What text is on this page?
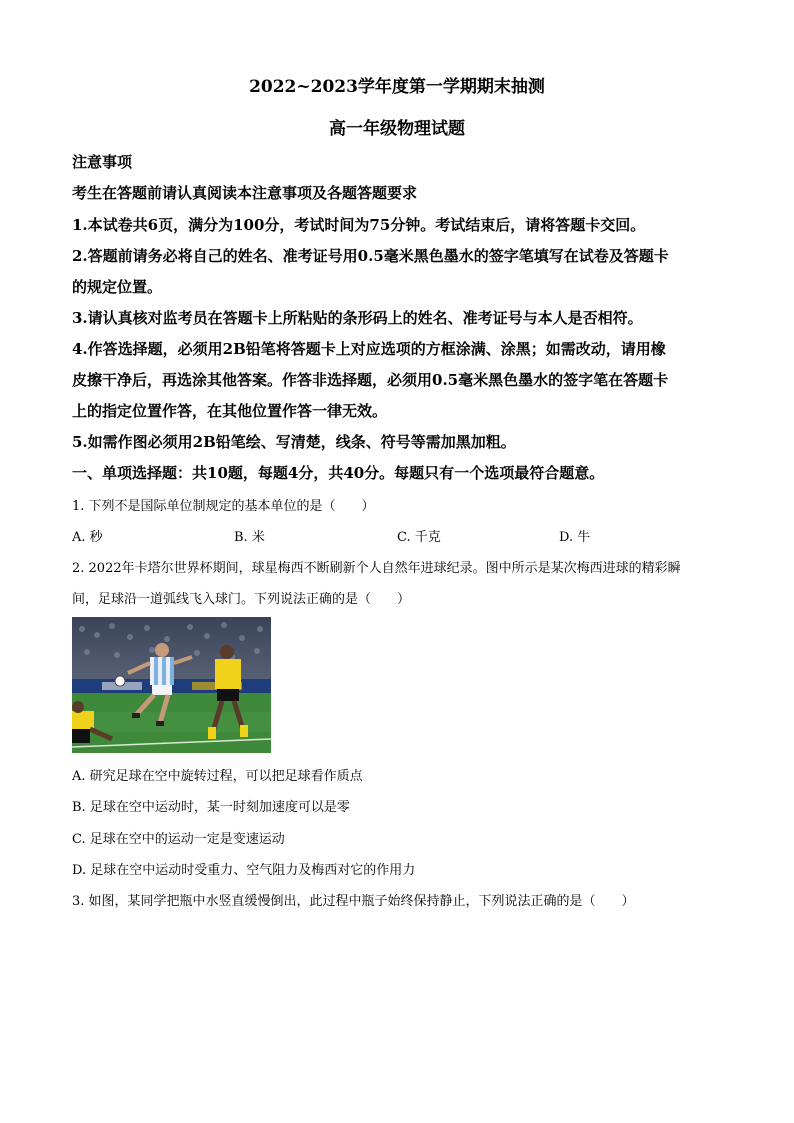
2022~2023学年度第一学期期末抽测
高一年级物理试题
注意事项
考生在答题前请认真阅读本注意事项及各题答题要求
1.本试卷共6页，满分为100分，考试时间为75分钟。考试结束后，请将答题卡交回。
2.答题前请务必将自己的姓名、准考证号用0.5毫米黑色墨水的签字笔填写在试卷及答题卡
的规定位置。
3.请认真核对监考员在答题卡上所粘贴的条形码上的姓名、准考证号与本人是否相符。
4.作答选择题，必须用2B铅笔将答题卡上对应选项的方框涂满、涂黑；如需改动，请用橡
皮擦干净后，再选涂其他答案。作答非选择题，必须用0.5毫米黑色墨水的签字笔在答题卡
上的指定位置作答，在其他位置作答一律无效。
5.如需作图必须用2B铅笔绘、写清楚，线条、符号等需加黑加粗。
一、单项选择题：共10题，每题4分，共40分。每题只有一个选项最符合题意。
1. 下列不是国际单位制规定的基本单位的是（　　）
A. 秒	B. 米	C. 千克	D. 牛
2. 2022年卡塔尔世界杯期间，球星梅西不断刷新个人自然年进球纪录。图中所示是某次梅西进球的精彩瞬
间，足球沿一道弧线飞入球门。下列说法正确的是（　　）
A. 研究足球在空中旋转过程，可以把足球看作质点
B. 足球在空中运动时，某一时刻加速度可以是零
C. 足球在空中的运动一定是变速运动
D. 足球在空中运动时受重力、空气阻力及梅西对它的作用力
3. 如图，某同学把瓶中水竖直缓慢倒出，此过程中瓶子始终保持静止，下列说法正确的是（　　）
